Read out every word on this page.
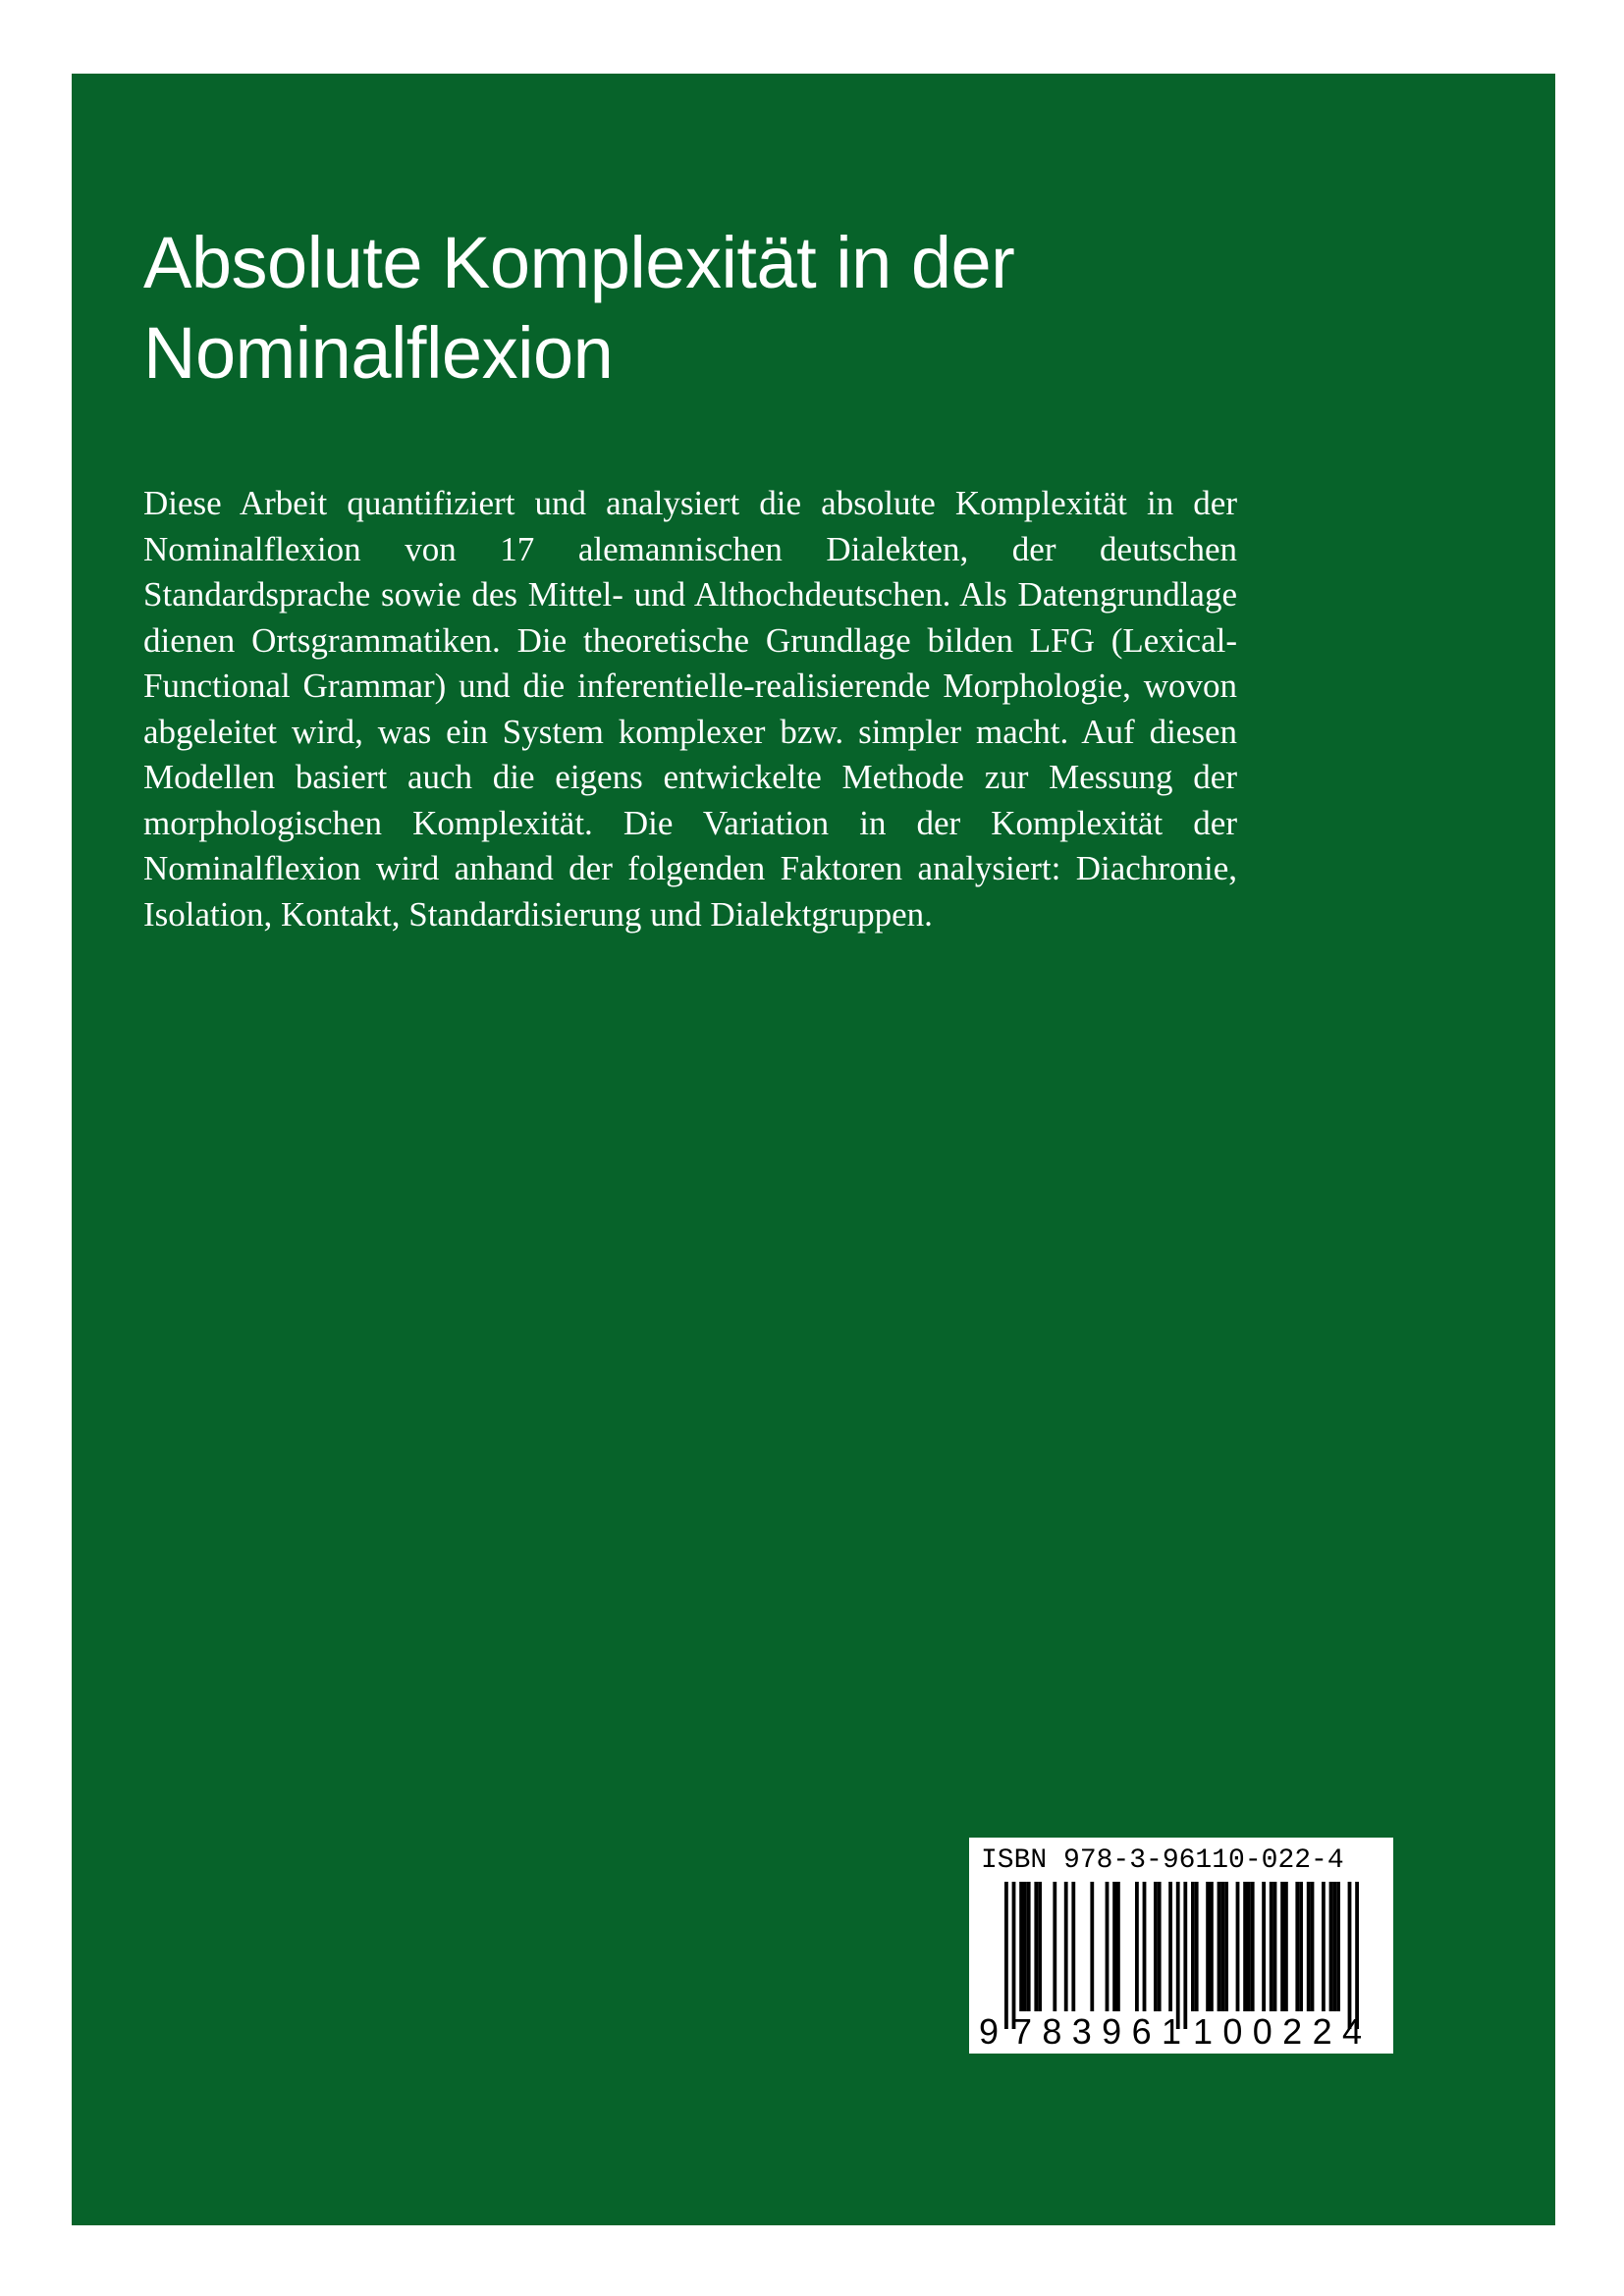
Absolute Komplexität in der Nominalflexion

Diese Arbeit quantifiziert und analysiert die absolute Komplexität in der Nominalflexion von 17 alemannischen Dialekten, der deutschen Standardsprache sowie des Mittel- und Althochdeutschen. Als Datengrundlage dienen Ortsgrammatiken. Die theoretische Grundlage bilden LFG (Lexical-Functional Grammar) und die inferentielle-realisierende Morphologie, wovon abgeleitet wird, was ein System komplexer bzw. simpler macht. Auf diesen Modellen basiert auch die eigens entwickelte Methode zur Messung der morphologischen Komplexität. Die Variation in der Komplexität der Nominalflexion wird anhand der folgenden Faktoren analysiert: Diachronie, Isolation, Kontakt, Standardisierung und Dialektgruppen.

ISBN 978-3-96110-022-4

9 783961 100224
